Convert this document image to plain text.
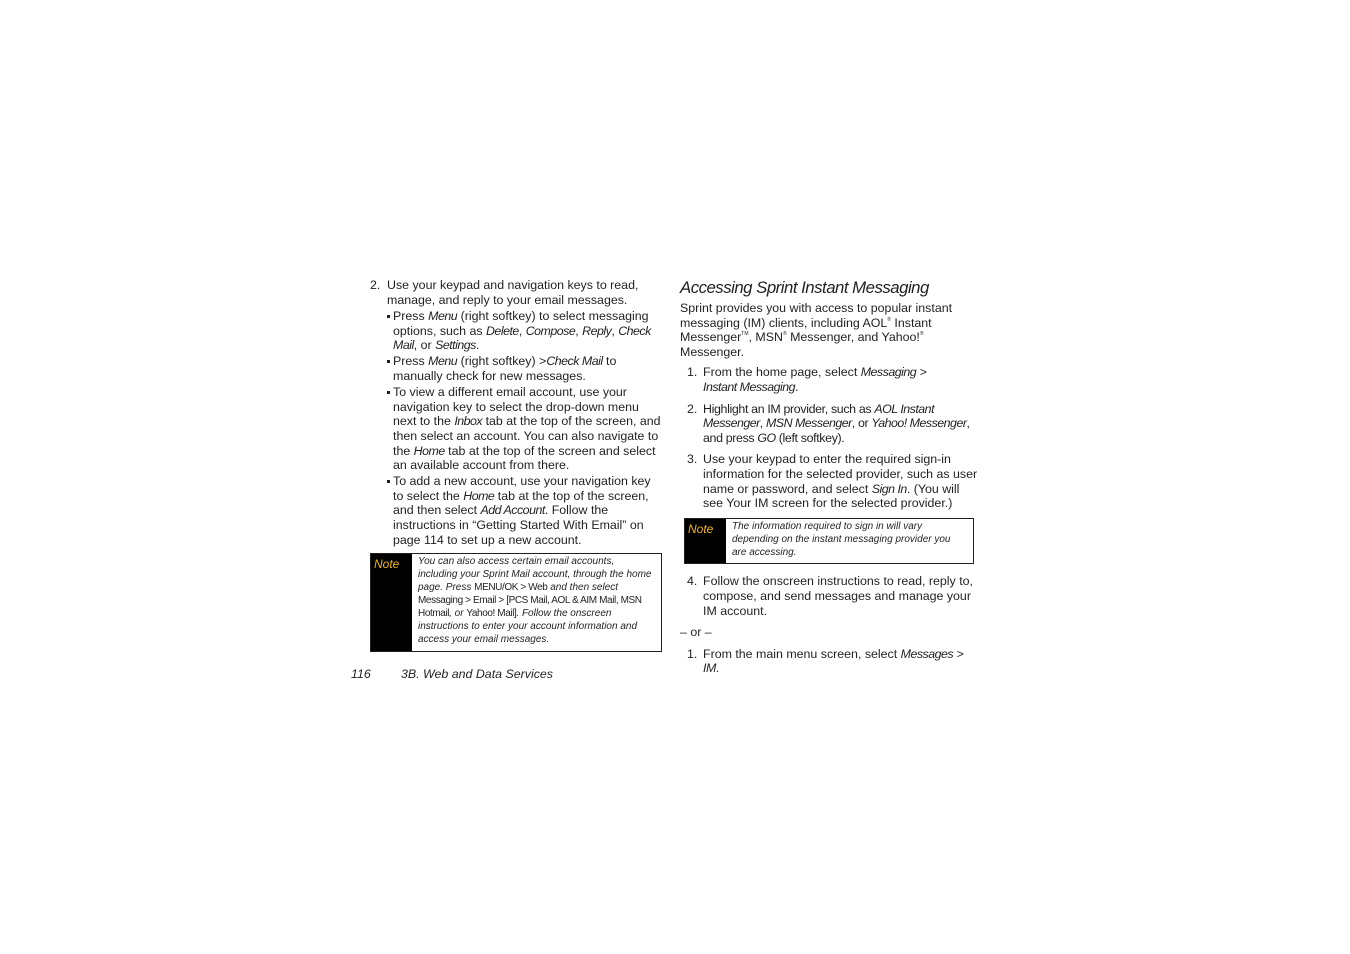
2. Use your keypad and navigation keys to read, manage, and reply to your email messages.
Press Menu (right softkey) to select messaging options, such as Delete, Compose, Reply, Check Mail, or Settings.
Press Menu (right softkey) >Check Mail to manually check for new messages.
To view a different email account, use your navigation key to select the drop-down menu next to the Inbox tab at the top of the screen, and then select an account. You can also navigate to the Home tab at the top of the screen and select an available account from there.
To add a new account, use your navigation key to select the Home tab at the top of the screen, and then select Add Account. Follow the instructions in “Getting Started With Email” on page 114 to set up a new account.
Note	You can also access certain email accounts, including your Sprint Mail account, through the home page. Press MENU/OK > Web and then select Messaging > Email > [PCS Mail, AOL & AIM Mail, MSN Hotmail, or Yahoo! Mail]. Follow the onscreen instructions to enter your account information and access your email messages.
Accessing Sprint Instant Messaging

Sprint provides you with access to popular instant messaging (IM) clients, including AOL® Instant Messenger™, MSN® Messenger, and Yahoo!® Messenger.

1. From the home page, select Messaging >
Instant Messaging.
2. Highlight an IM provider, such as AOL Instant Messenger, MSN Messenger, or Yahoo! Messenger, and press GO (left softkey).
3. Use your keypad to enter the required sign-in information for the selected provider, such as user name or password, and select Sign In. (You will see Your IM screen for the selected provider.)
Note	The information required to sign in will vary depending on the instant messaging provider you are accessing.
4. Follow the onscreen instructions to read, reply to, compose, and send messages and manage your IM account.
– or –
1. From the main menu screen, select Messages > IM.
116 3B. Web and Data Services
